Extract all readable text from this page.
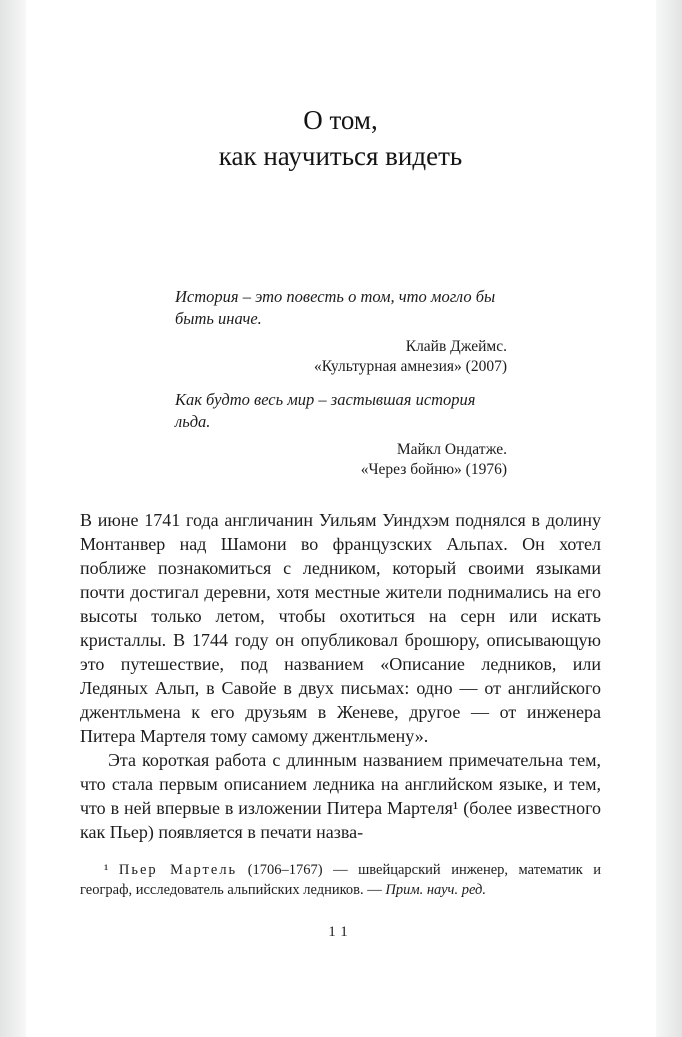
О том,
как научиться видеть
История – это повесть о том, что могло бы быть иначе.
Клайв Джеймс.
«Культурная амнезия» (2007)
Как будто весь мир – застывшая история льда.
Майкл Ондатже.
«Через бойню» (1976)

В июне 1741 года англичанин Уильям Уиндхэм поднялся в долину Монтанвер над Шамони во французских Альпах. Он хотел поближе познакомиться с ледником, который своими языками почти достигал деревни, хотя местные жители поднимались на его высоты только летом, чтобы охотиться на серн или искать кристаллы. В 1744 году он опубликовал брошюру, описывающую это путешествие, под названием «Описание ледников, или Ледяных Альп, в Савойе в двух письмах: одно — от английского джентльмена к его друзьям в Женеве, другое — от инженера Питера Мартеля тому самому джентльмену».

Эта короткая работа с длинным названием примечательна тем, что стала первым описанием ледника на английском языке, и тем, что в ней впервые в изложении Питера Мартеля¹ (более известного как Пьер) появляется в печати назва-

¹ Пьер Мартель (1706–1767) — швейцарский инженер, математик и географ, исследователь альпийских ледников. — Прим. науч. ред.
11
